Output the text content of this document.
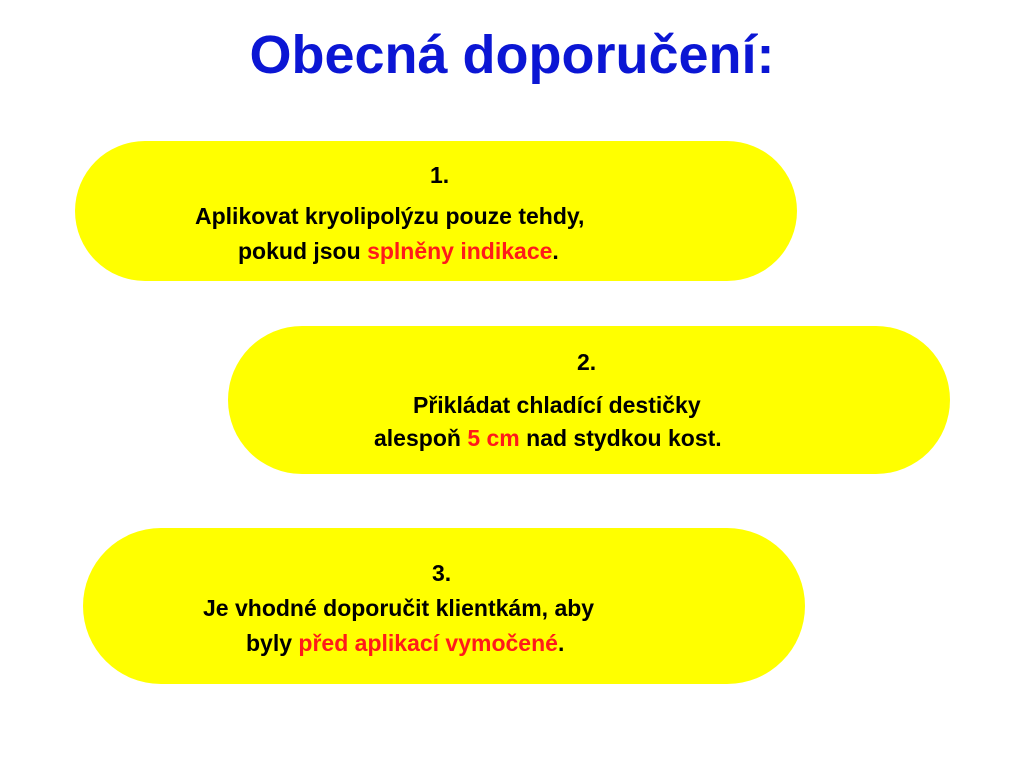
Obecná doporučení:
1.
Aplikovat kryolipolýzu pouze tehdy,
pokud jsou splněny indikace.
2.
Přikládat chladící destičky
alespoň 5 cm nad stydkou kost.
3.
Je vhodné doporučit klientkám, aby
byly před aplikací vymočené.
